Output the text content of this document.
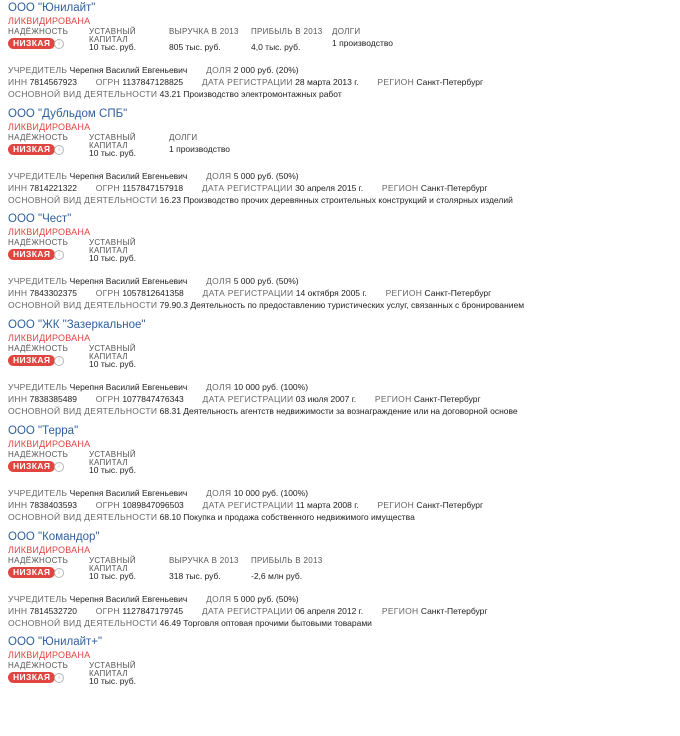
ООО "Юнилайт"
ЛИКВИДИРОВАНА
НАДЁЖНОСТЬ
НИЗКАЯ	i
УСТАВНЫЙ
КАПИТАЛ
10 тыс. руб.
ВЫРУЧКА В 2013
805 тыс. руб.
ПРИБЫЛЬ В 2013
4,0 тыс. руб.
ДОЛГИ
1 производство
УЧРЕДИТЕЛЬ Черепня Василий Евгеньевич ДОЛЯ 2 000 руб. (20%)
ИНН 7814567923 ОГРН 1137847128825 ДАТА РЕГИСТРАЦИИ 28 марта 2013 г. РЕГИОН Санкт-Петербург
ОСНОВНОЙ ВИД ДЕЯТЕЛЬНОСТИ 43.21 Производство электромонтажных работ
ООО "Дубльдом СПБ"
ЛИКВИДИРОВАНА
НАДЁЖНОСТЬ
НИЗКАЯ	i
УСТАВНЫЙ
КАПИТАЛ
10 тыс. руб.
ДОЛГИ
1 производство
УЧРЕДИТЕЛЬ Черепня Василий Евгеньевич ДОЛЯ 5 000 руб. (50%)
ИНН 7814221322 ОГРН 1157847157918 ДАТА РЕГИСТРАЦИИ 30 апреля 2015 г. РЕГИОН Санкт-Петербург
ОСНОВНОЙ ВИД ДЕЯТЕЛЬНОСТИ 16.23 Производство прочих деревянных строительных конструкций и столярных изделий
ООО "Чест"
ЛИКВИДИРОВАНА
НАДЁЖНОСТЬ
НИЗКАЯ	i
УСТАВНЫЙ
КАПИТАЛ
10 тыс. руб.
УЧРЕДИТЕЛЬ Черепня Василий Евгеньевич ДОЛЯ 5 000 руб. (50%)
ИНН 7843302375 ОГРН 1057812641358 ДАТА РЕГИСТРАЦИИ 14 октября 2005 г. РЕГИОН Санкт-Петербург
ОСНОВНОЙ ВИД ДЕЯТЕЛЬНОСТИ 79.90.3 Деятельность по предоставлению туристических услуг, связанных с бронированием
ООО "ЖК "Зазеркальное"
ЛИКВИДИРОВАНА
НАДЁЖНОСТЬ
НИЗКАЯ	i
УСТАВНЫЙ
КАПИТАЛ
10 тыс. руб.
УЧРЕДИТЕЛЬ Черепня Василий Евгеньевич ДОЛЯ 10 000 руб. (100%)
ИНН 7838385489 ОГРН 1077847476343 ДАТА РЕГИСТРАЦИИ 03 июля 2007 г. РЕГИОН Санкт-Петербург
ОСНОВНОЙ ВИД ДЕЯТЕЛЬНОСТИ 68.31 Деятельность агентств недвижимости за вознаграждение или на договорной основе
ООО "Терра"
ЛИКВИДИРОВАНА
НАДЁЖНОСТЬ
НИЗКАЯ	i
УСТАВНЫЙ
КАПИТАЛ
10 тыс. руб.
УЧРЕДИТЕЛЬ Черепня Василий Евгеньевич ДОЛЯ 10 000 руб. (100%)
ИНН 7838403593 ОГРН 1089847096503 ДАТА РЕГИСТРАЦИИ 11 марта 2008 г. РЕГИОН Санкт-Петербург
ОСНОВНОЙ ВИД ДЕЯТЕЛЬНОСТИ 68.10 Покупка и продажа собственного недвижимого имущества
ООО "Командор"
ЛИКВИДИРОВАНА
НАДЁЖНОСТЬ
НИЗКАЯ	i
УСТАВНЫЙ
КАПИТАЛ
10 тыс. руб.
ВЫРУЧКА В 2013
318 тыс. руб.
ПРИБЫЛЬ В 2013
-2,6 млн руб.
УЧРЕДИТЕЛЬ Черепня Василий Евгеньевич ДОЛЯ 5 000 руб. (50%)
ИНН 7814532720 ОГРН 1127847179745 ДАТА РЕГИСТРАЦИИ 06 апреля 2012 г. РЕГИОН Санкт-Петербург
ОСНОВНОЙ ВИД ДЕЯТЕЛЬНОСТИ 46.49 Торговля оптовая прочими бытовыми товарами
ООО "Юнилайт+"
ЛИКВИДИРОВАНА
НАДЁЖНОСТЬ
НИЗКАЯ	i
УСТАВНЫЙ
КАПИТАЛ
10 тыс. руб.
